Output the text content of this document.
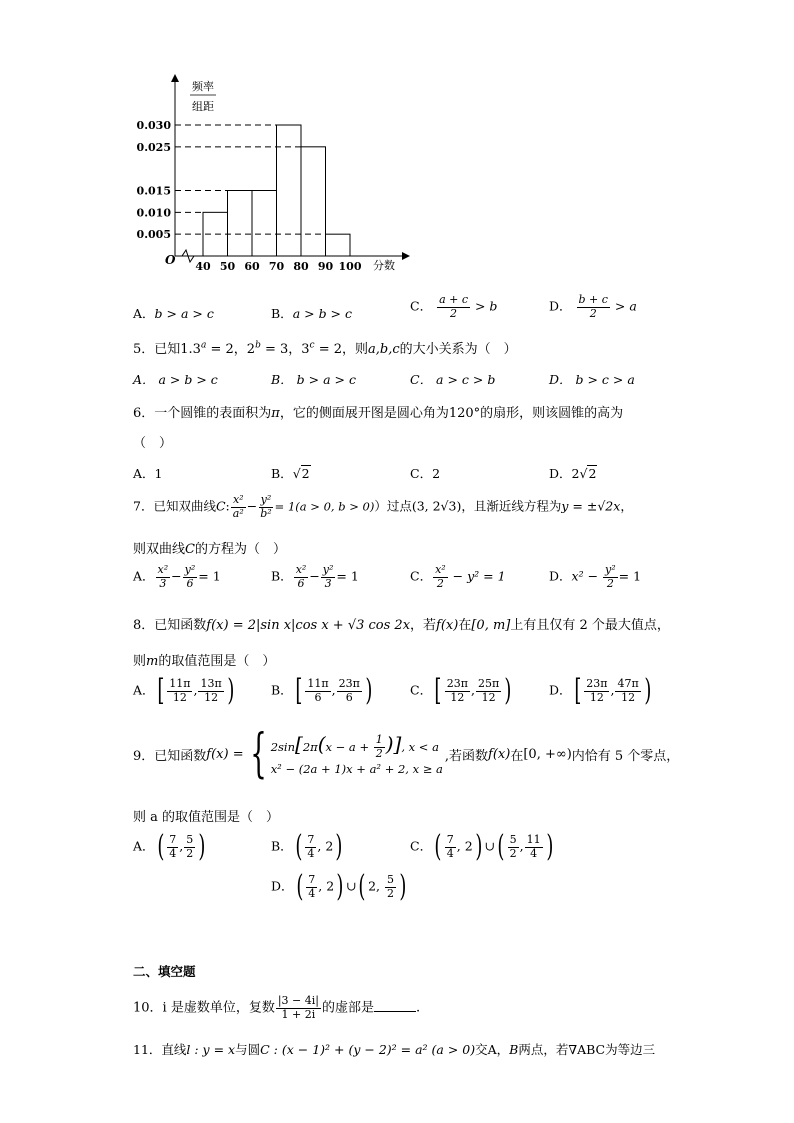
频率
组距
分数
O
0.005
0.010
0.015
0.025
0.030
40 50 60 70 80 90 100
A．b > a > c	B．a > b > c	C． $\frac{a + c}{2} > b$	D． $\frac{b + c}{2} > a$
5．已知1.3$^a$ = 2，$2^b = 3$，$3^c = 2$，则a,b,c的大小关系为（　）
A． a > b > c	B． b > a > c	C． a > c > b	D． b > c > a
6．一个圆锥的表面积为π，它的侧面展开图是圆心角为120°的扇形，则该圆锥的高为
（　）
A．1	B．√2	C．2	D．2√2
7．已知双曲线C: $\frac{\text{x²}}{\text{a²}} - \frac{\text{y²}}{\text{b²}} = 1(a > 0$, b > 0)）过点(3, 2√3)，且渐近线方程为y = ±√2x，
则双曲线C的方程为（　）
A． $\frac{\text{x²}}{3} - \frac{\text{y²}}{6} = 1$	B． $\frac{\text{x²}}{6} - \frac{\text{y²}}{3} = 1$	C． $\frac{\text{x²}}{2} - y^2 = 1$	D．$x^2 - \frac{\text{y²}}{2} = 1$
8．已知函数f(x) = 2|sin x|cos x + √3 cos 2x，若f(x)在[0, m]上有且仅有 2 个最大值点，
则m的取值范围是（　）
A．[ $\frac{11\pi}{12}$ , $\frac{13\pi}{12}$ )	B．[ $\frac{11\pi}{6}$ , $\frac{23\pi}{6}$ )	C．[ $\frac{23\pi}{12}$ , $\frac{25\pi}{12}$ )	D．[ $\frac{23\pi}{12}$ , $\frac{47\pi}{12}$ )
9．已知函数 f(x) = { $2\sin[2\pi(x - a + \frac{1}{2}$ )], x < a
x² − (2a + 1)x + a² + 2, x ≥ a
,若函数 f(x) 在 [0, +∞) 内恰有 5 个零点，
则 a 的取值范围是（　）
A．( $\frac{7}{4}$ , $\frac{5}{2}$ )	B．( $\frac{7}{4}$ , 2)	C．( $\frac{7}{4}$ , 2) ∪( $\frac{5}{2}$ , $\frac{11}{4}$ )
D．( $\frac{7}{4}$ , 2) ∪( 2, $\frac{5}{2}$ )
二、填空题
10．i 是虚数单位，复数 $\frac{|3 - 4i|}{1 + 2i}$ 的虚部是	.
11．直线l : y = x与圆C : (x − 1)² + (y − 2)² = a² (a > 0)交A，B两点，若∇ABC为等边三
